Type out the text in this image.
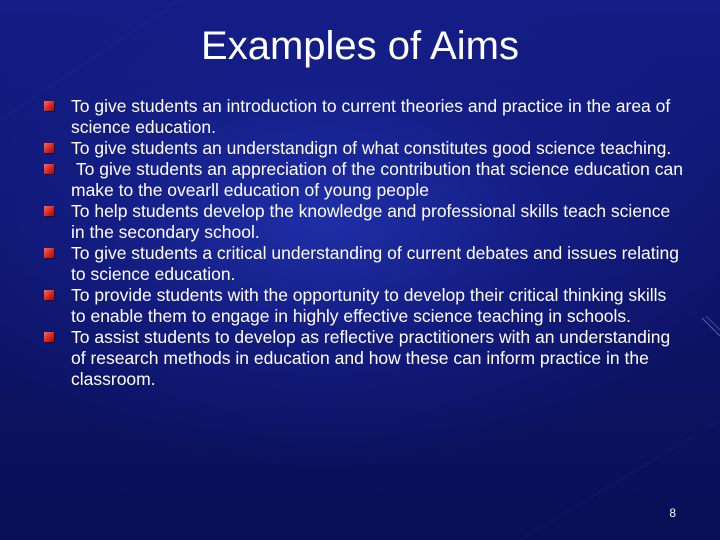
Examples of Aims
To give students an introduction to current theories and practice in the area of science education.
To give students an understandign of what constitutes good science teaching.
To give students an appreciation of the contribution that science education can make to the ovearll education of young people
To help students develop the knowledge and professional skills teach science in the secondary school.
To give students a critical understanding of current debates and issues relating to science education.
To provide students with the opportunity to develop their critical thinking skills to enable them to engage in highly effective science teaching in schools.
To assist students to develop as reflective practitioners with an understanding of research methods in education and how these can inform practice in the classroom.
8
